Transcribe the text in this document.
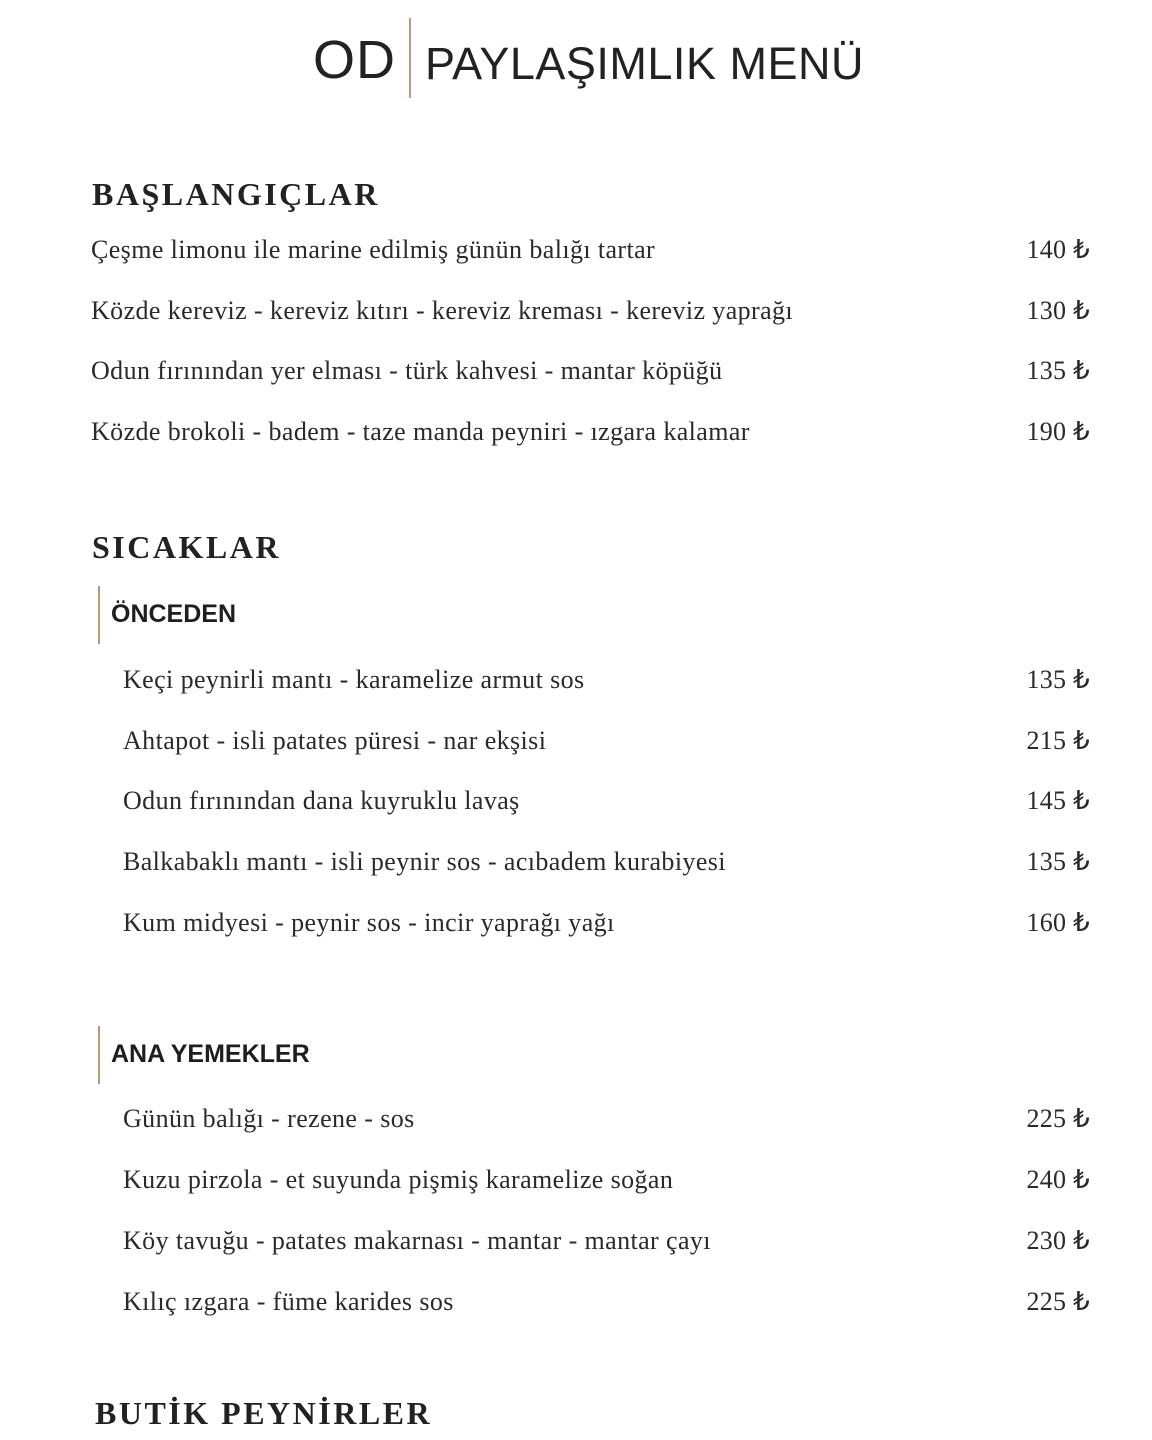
OD PAYLAŞIMLIK MENÜ
BAŞLANGIÇLAR
Çeşme limonu ile marine edilmiş günün balığı tartar	140 ₺
Közde kereviz - kereviz kıtırı - kereviz kreması - kereviz yaprağı	130 ₺
Odun fırınından yer elması - türk kahvesi - mantar köpüğü	135 ₺
Közde brokoli - badem - taze manda peyniri - ızgara kalamar	190 ₺
SICAKLAR
ÖNCEDEN
Keçi peynirli mantı - karamelize armut sos	135 ₺
Ahtapot - isli patates püresi - nar ekşisi	215 ₺
Odun fırınından dana kuyruklu lavaş	145 ₺
Balkabaklı mantı - isli peynir sos - acıbadem kurabiyesi	135 ₺
Kum midyesi - peynir sos - incir yaprağı yağı	160 ₺
ANA YEMEKLER
Günün balığı - rezene - sos	225 ₺
Kuzu pirzola - et suyunda pişmiş karamelize soğan	240 ₺
Köy tavuğu - patates makarnası - mantar - mantar çayı	230 ₺
Kılıç ızgara - füme karides sos	225 ₺
BUTİK PEYNİRLER
